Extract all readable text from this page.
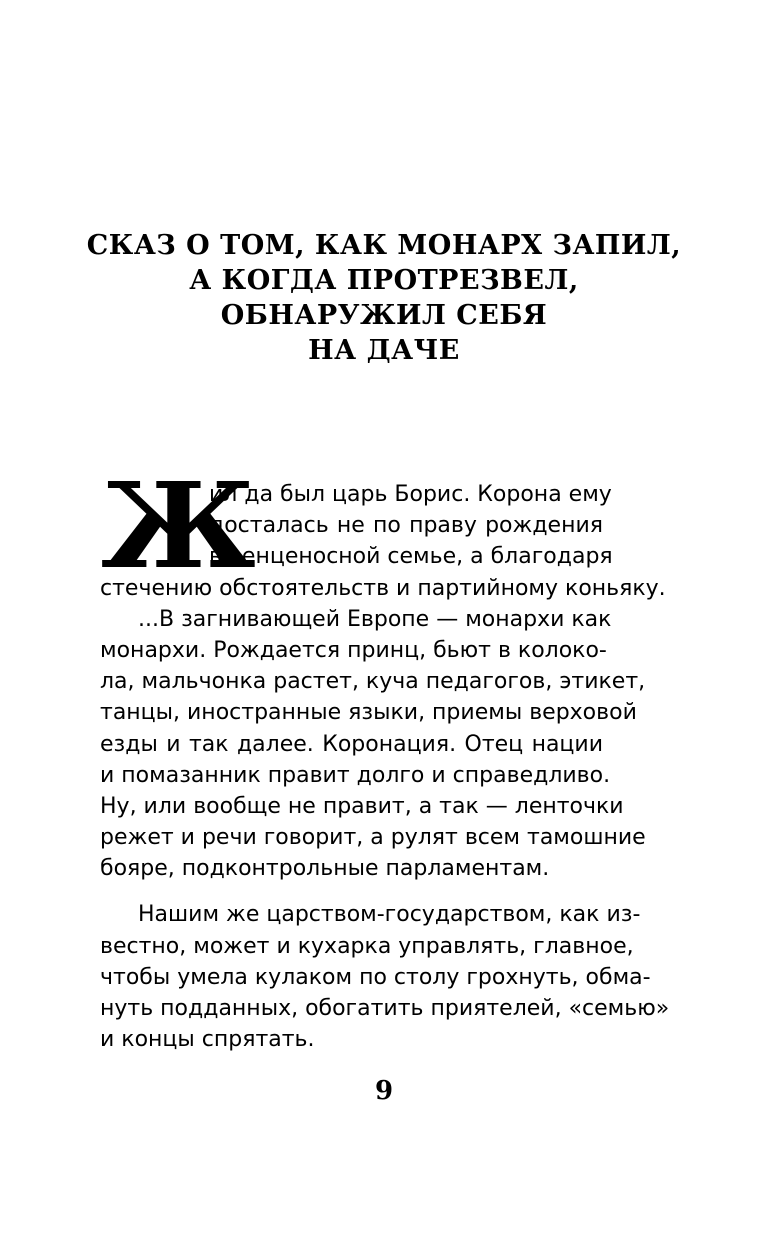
СКАЗ О ТОМ, КАК МОНАРХ ЗАПИЛ,
А КОГДА ПРОТРЕЗВЕЛ,
ОБНАРУЖИЛ СЕБЯ
НА ДАЧЕ
Ж
ил да был царь Борис. Корона ему
досталась не по праву рождения
в венценосной семье, а благодаря
стечению обстоятельств и партийному коньяку.
...В загнивающей Европе — монархи как
монархи. Рождается принц, бьют в колоко-
ла, мальчонка растет, куча педагогов, этикет,
танцы, иностранные языки, приемы верховой
езды и так далее. Коронация. Отец нации
и помазанник правит долго и справедливо.
Ну, или вообще не правит, а так — ленточки
режет и речи говорит, а рулят всем тамошние
бояре, подконтрольные парламентам.
Нашим же царством-государством, как из-
вестно, может и кухарка управлять, главное,
чтобы умела кулаком по столу грохнуть, обма-
нуть подданных, обогатить приятелей, «семью»
и концы спрятать.
9
